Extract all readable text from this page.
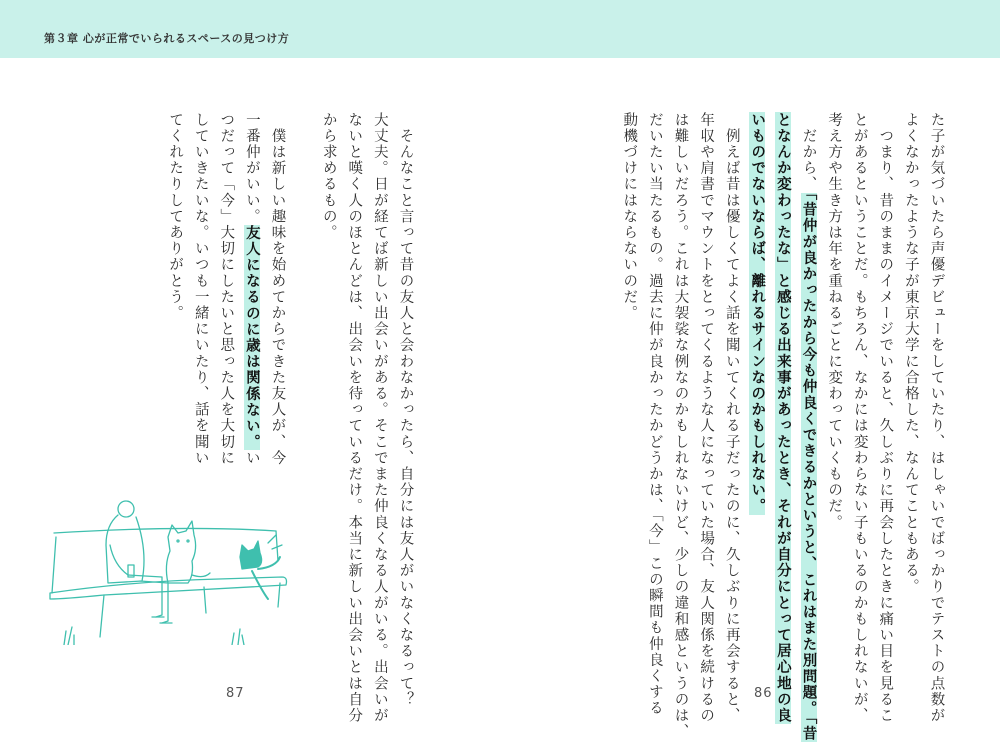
第３章 心が正常でいられるスペースの見つけ方
た子が気づいたら声優デビューをしていたり、はしゃいでばっかりでテストの点数が
よくなかったような子が東京大学に合格した、なんてこともある。
　つまり、昔のままのイメージでいると、久しぶりに再会したときに痛い目を見るこ
とがあるということだ。もちろん、なかには変わらない子もいるのかもしれないが、
考え方や生き方は年を重ねるごとに変わっていくものだ。
　だから、「昔仲が良かったから今も仲良くできるかというと、これはまた別問題。「昔
となんか変わったな」と感じる出来事があったとき、それが自分にとって居心地の良
いものでないならば、離れるサインなのかもしれない。
　例えば昔は優しくてよく話を聞いてくれる子だったのに、久しぶりに再会すると、
年収や肩書でマウントをとってくるような人になっていた場合、友人関係を続けるの
は難しいだろう。これは大袈裟な例なのかもしれないけど、少しの違和感というのは、
だいたい当たるもの。過去に仲が良かったかどうかは、「今」この瞬間も仲良くする
動機づけにはならないのだ。
　そんなこと言って昔の友人と会わなかったら、自分には友人がいなくなるって？
大丈夫。日が経てば新しい出会いがある。そこでまた仲良くなる人がいる。出会いが
ないと嘆く人のほとんどは、出会いを待っているだけ。本当に新しい出会いとは自分
から求めるもの。
　僕は新しい趣味を始めてからできた友人が、今
一番仲がいい。友人になるのに歳は関係ない。い
つだって「今」大切にしたいと思った人を大切に
していきたいな。いつも一緒にいたり、話を聞い
てくれたりしてありがとう。
87	86
